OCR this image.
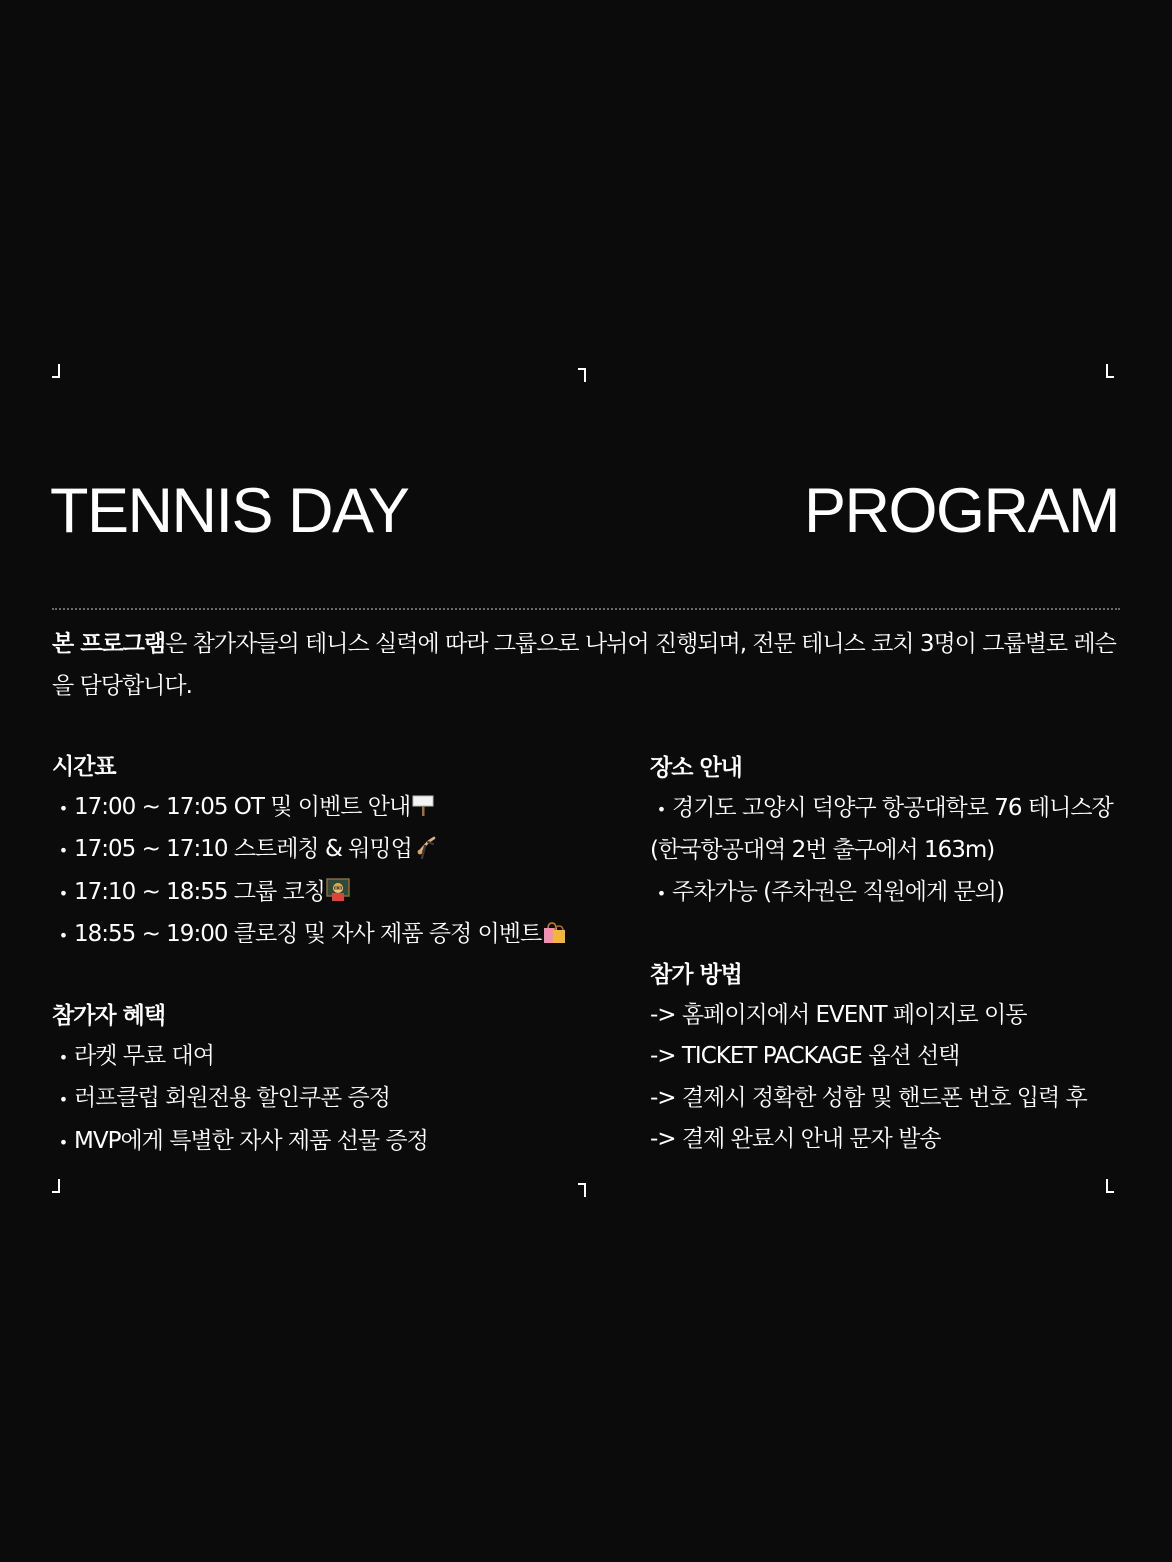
TENNIS DAY	PROGRAM

본 프로그램은 참가자들의 테니스 실력에 따라 그룹으로 나뉘어 진행되며, 전문 테니스 코치 3명이 그룹별로 레슨을 담당합니다.

시간표
• 17:00 ~ 17:05 OT 및 이벤트 안내
• 17:05 ~ 17:10 스트레칭 & 워밍업
• 17:10 ~ 18:55 그룹 코칭
• 18:55 ~ 19:00 클로징 및 자사 제품 증정 이벤트
참가자 혜택
• 라켓 무료 대여
• 러프클럽 회원전용 할인쿠폰 증정
• MVP에게 특별한 자사 제품 선물 증정
장소 안내
• 경기도 고양시 덕양구 항공대학로 76 테니스장
(한국항공대역 2번 출구에서 163m)
• 주차가능 (주차권은 직원에게 문의)
참가 방법
-> 홈페이지에서 EVENT 페이지로 이동
-> TICKET PACKAGE 옵션 선택
-> 결제시 정확한 성함 및 핸드폰 번호 입력 후
-> 결제 완료시 안내 문자 발송
